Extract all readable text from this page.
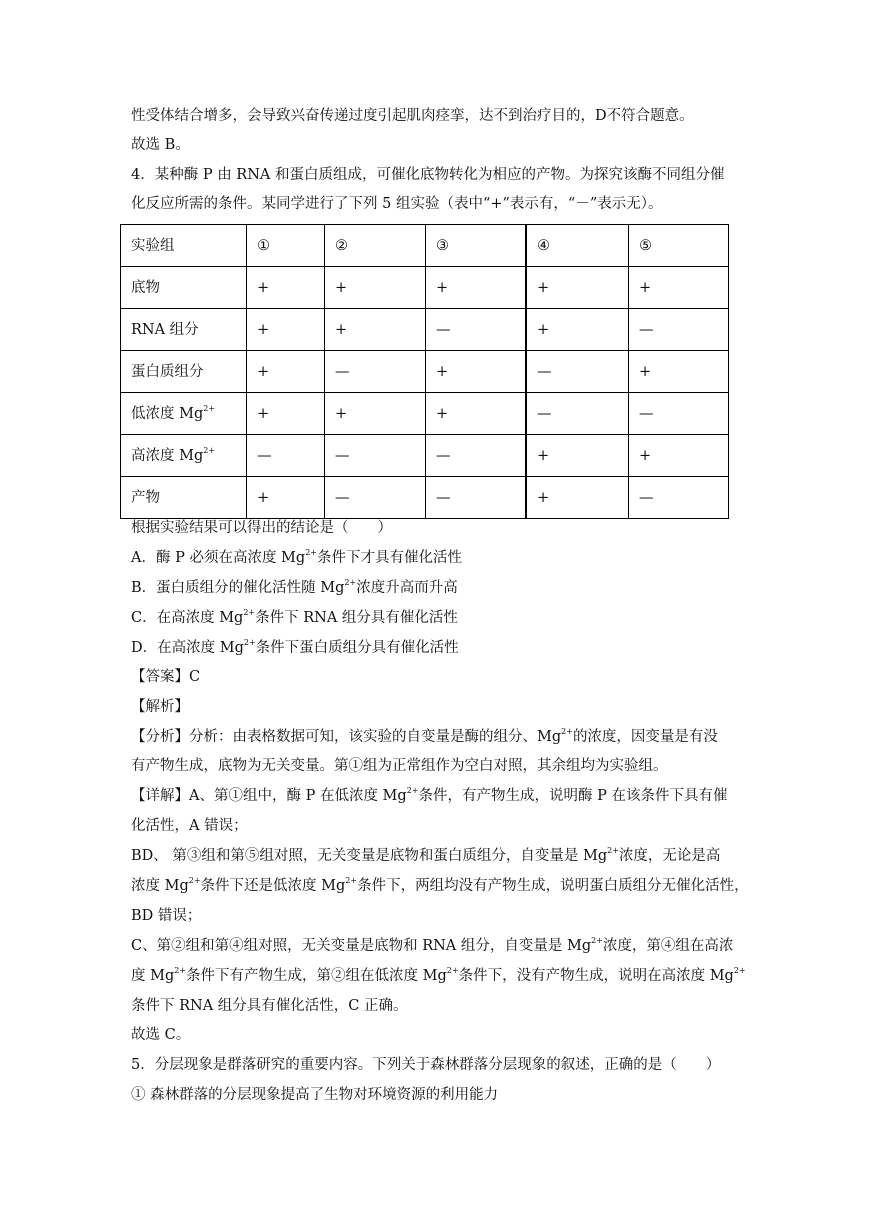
性受体结合增多，会导致兴奋传递过度引起肌肉痉挛，达不到治疗目的，D不符合题意。
故选 B。
4．某种酶 P 由 RNA 和蛋白质组成，可催化底物转化为相应的产物。为探究该酶不同组分催
化反应所需的条件。某同学进行了下列 5 组实验（表中“+”表示有，“－”表示无）。
实验组	①	②	③	④	⑤
底物	+	+	+	+	+
RNA 组分	+	+	—	+	—
蛋白质组分	+	—	+	—	+
低浓度 $Mg^{2+}$	+	+	+	—	—
高浓度 $Mg^{2+}$	—	—	—	+	+
产物	+	—	—	+	—
根据实验结果可以得出的结论是（　　）
A．酶 P 必须在高浓度 $Mg^{2+}$条件下才具有催化活性
B．蛋白质组分的催化活性随 $Mg^{2+}$浓度升高而升高
C．在高浓度 $Mg^{2+}$条件下 RNA 组分具有催化活性
D．在高浓度 $Mg^{2+}$条件下蛋白质组分具有催化活性
【答案】C
【解析】
【分析】分析：由表格数据可知，该实验的自变量是酶的组分、$Mg^{2+}$的浓度，因变量是有没
有产物生成，底物为无关变量。第①组为正常组作为空白对照，其余组均为实验组。
【详解】A、第①组中，酶 P 在低浓度 $Mg^{2+}$条件，有产物生成，说明酶 P 在该条件下具有催
化活性，A 错误；
BD、 第③组和第⑤组对照，无关变量是底物和蛋白质组分，自变量是 $Mg^{2+}$浓度，无论是高
浓度 $Mg^{2+}$条件下还是低浓度 $Mg^{2+}$条件下，两组均没有产物生成，说明蛋白质组分无催化活性，
BD 错误；
C、第②组和第④组对照，无关变量是底物和 RNA 组分，自变量是 $Mg^{2+}$浓度，第④组在高浓
度 $Mg^{2+}$条件下有产物生成，第②组在低浓度 $Mg^{2+}$条件下，没有产物生成，说明在高浓度 $Mg^{2+}$
条件下 RNA 组分具有催化活性，C 正确。
故选 C。
5．分层现象是群落研究的重要内容。下列关于森林群落分层现象的叙述，正确的是（　　）
① 森林群落的分层现象提高了生物对环境资源的利用能力
